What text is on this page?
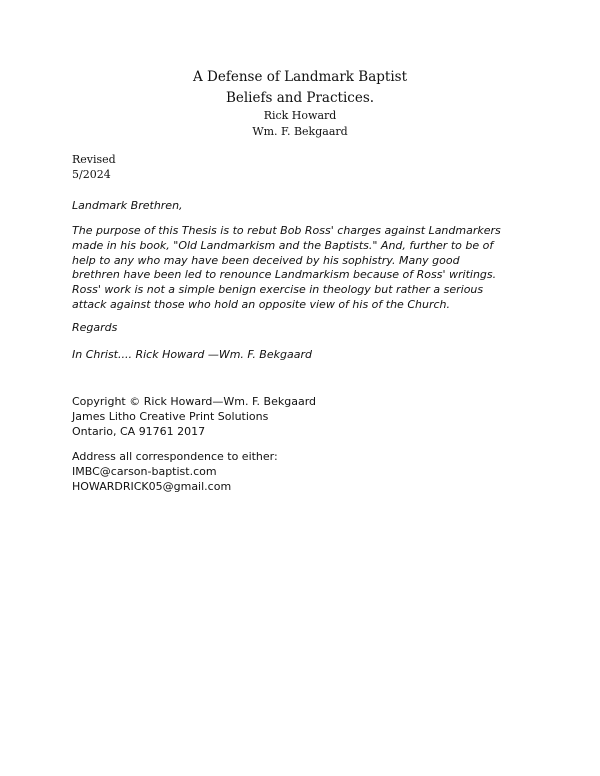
A Defense of Landmark Baptist
Beliefs and Practices.
Rick Howard
Wm. F. Bekgaard
Revised
5/2024
Landmark Brethren,
The purpose of this Thesis is to rebut Bob Ross' charges against Landmarkers
made in his book, "Old Landmarkism and the Baptists." And, further to be of
help to any who may have been deceived by his sophistry. Many good
brethren have been led to renounce Landmarkism because of Ross' writings.
Ross' work is not a simple benign exercise in theology but rather a serious
attack against those who hold an opposite view of his of the Church.
Regards
In Christ.... Rick Howard —Wm. F. Bekgaard
Copyright © Rick Howard—Wm. F. Bekgaard
James Litho Creative Print Solutions
Ontario, CA 91761 2017
Address all correspondence to either:
IMBC@carson-baptist.com
HOWARDRICK05@gmail.com
